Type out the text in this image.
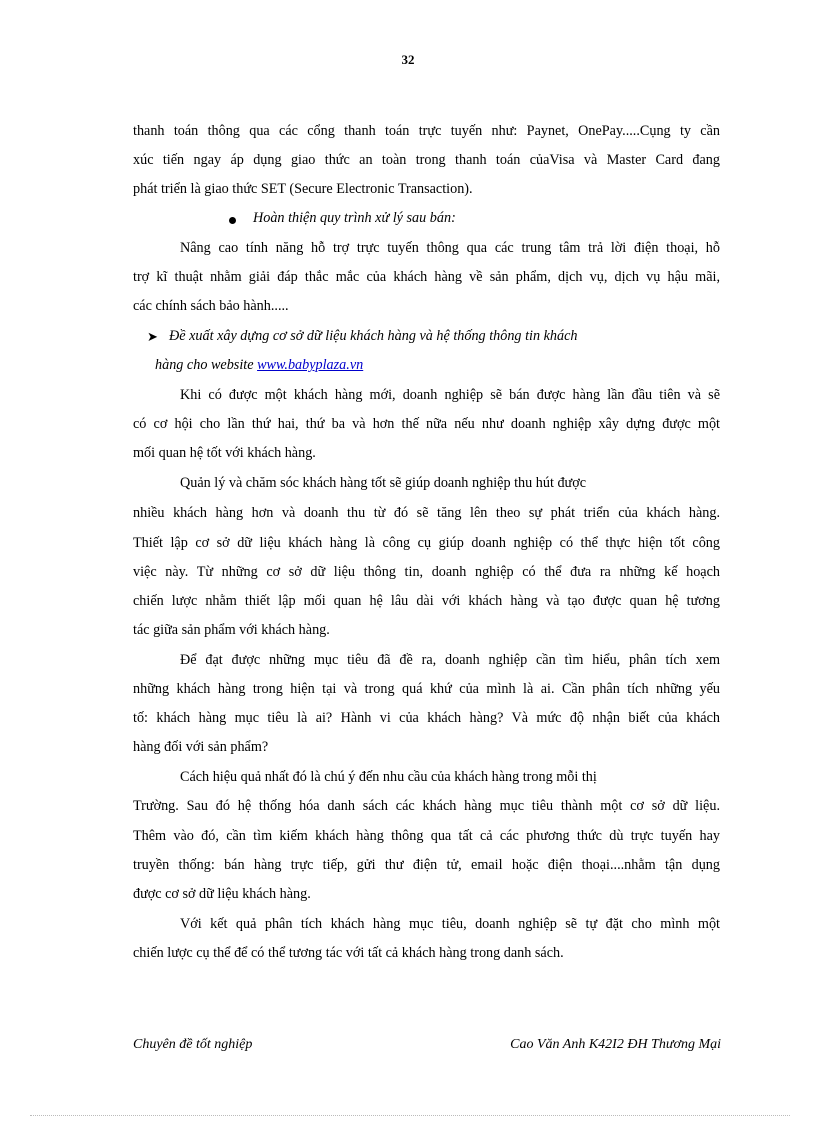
32
thanh toán thông qua các cổng thanh toán trực tuyến như: Paynet, OnePay.....Cụng ty cần
xúc tiến ngay áp dụng giao thức an toàn trong thanh toán củaVisa và Master Card đang
phát triển là giao thức SET (Secure Electronic Transaction).
Hoàn thiện quy trình xử lý sau bán:
Nâng cao tính năng hỗ trợ trực tuyến thông qua các trung tâm trả lời điện thoại, hỗ
trợ kĩ thuật nhằm giải đáp thắc mắc của khách hàng về sản phẩm, dịch vụ, dịch vụ hậu mãi,
các chính sách bảo hành.....
➤ Đề xuất xây dựng cơ sở dữ liệu khách hàng và hệ thống thông tin khách
hàng cho website www.babyplaza.vn
Khi có được một khách hàng mới, doanh nghiệp sẽ bán được hàng lần đầu tiên và sẽ
có cơ hội cho lần thứ hai, thứ ba và hơn thế nữa nếu như doanh nghiệp xây dựng được một
mối quan hệ tốt với khách hàng.
Quản lý và chăm sóc khách hàng tốt sẽ giúp doanh nghiệp thu hút được
nhiều khách hàng hơn và doanh thu từ đó sẽ tăng lên theo sự phát triển của khách hàng.
Thiết lập cơ sở dữ liệu khách hàng là công cụ giúp doanh nghiệp có thể thực hiện tốt công
việc này. Từ những cơ sở dữ liệu thông tin, doanh nghiệp có thể đưa ra những kế hoạch
chiến lược nhằm thiết lập mối quan hệ lâu dài với khách hàng và tạo được quan hệ tương
tác giữa sản phẩm với khách hàng.
Để đạt được những mục tiêu đã đề ra, doanh nghiệp cần tìm hiểu, phân tích xem
những khách hàng trong hiện tại và trong quá khứ của mình là ai. Cần phân tích những yếu
tố: khách hàng mục tiêu là ai? Hành vi của khách hàng? Và mức độ nhận biết của khách
hàng đối với sản phẩm?
Cách hiệu quả nhất đó là chú ý đến nhu cầu của khách hàng trong mỗi thị
Trường. Sau đó hệ thống hóa danh sách các khách hàng mục tiêu thành một cơ sở dữ liệu.
Thêm vào đó, cần tìm kiếm khách hàng thông qua tất cả các phương thức dù trực tuyến hay
truyền thống: bán hàng trực tiếp, gửi thư điện tử, email hoặc điện thoại....nhằm tận dụng
được cơ sở dữ liệu khách hàng.
Với kết quả phân tích khách hàng mục tiêu, doanh nghiệp sẽ tự đặt cho mình một
chiến lược cụ thể để có thể tương tác với tất cả khách hàng trong danh sách.
Chuyên đề tốt nghiệp	Cao Văn Anh K42I2 ĐH Thương Mại
